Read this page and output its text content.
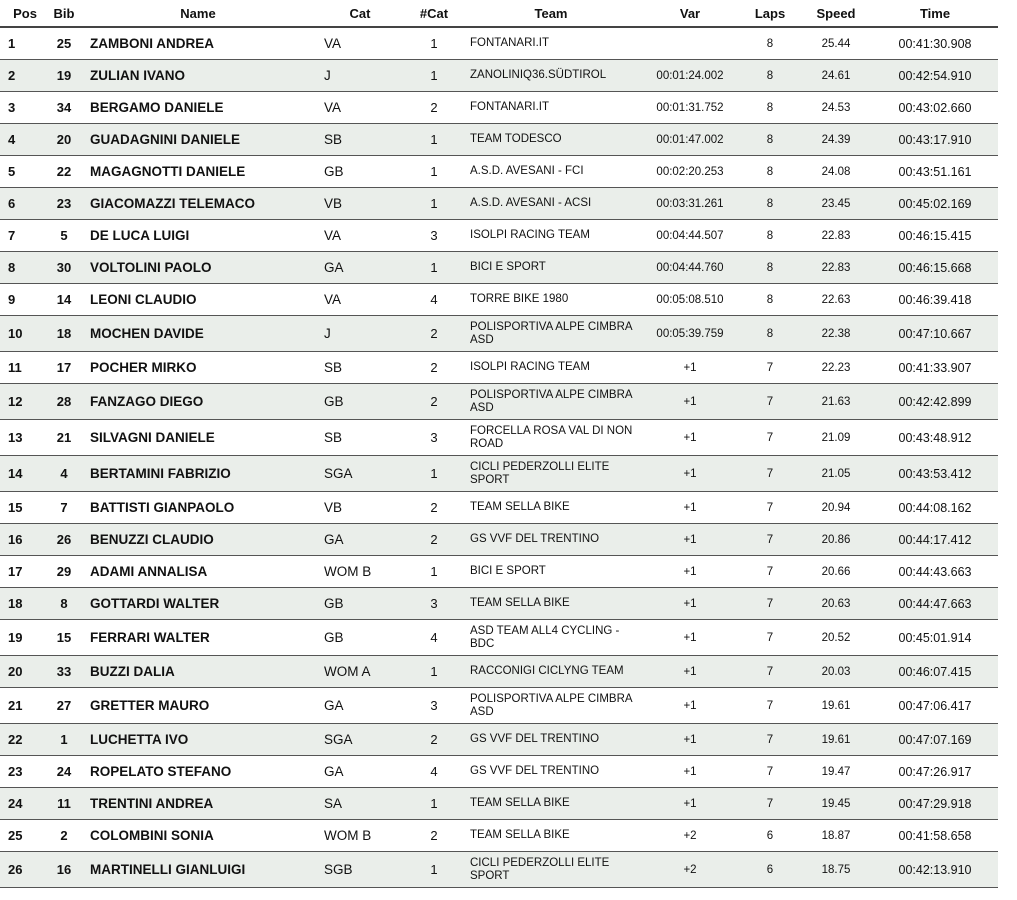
Pos	Bib	Name	Cat	#Cat	Team	Var	Laps	Speed	Time
1	25	ZAMBONI ANDREA	VA	1	FONTANARI.IT		8	25.44	00:41:30.908
2	19	ZULIAN IVANO	J	1	ZANOLINIQ36.SÜDTIROL	00:01:24.002	8	24.61	00:42:54.910
3	34	BERGAMO DANIELE	VA	2	FONTANARI.IT	00:01:31.752	8	24.53	00:43:02.660
4	20	GUADAGNINI DANIELE	SB	1	TEAM TODESCO	00:01:47.002	8	24.39	00:43:17.910
5	22	MAGAGNOTTI DANIELE	GB	1	A.S.D. AVESANI - FCI	00:02:20.253	8	24.08	00:43:51.161
6	23	GIACOMAZZI TELEMACO	VB	1	A.S.D. AVESANI - ACSI	00:03:31.261	8	23.45	00:45:02.169
7	5	DE LUCA LUIGI	VA	3	ISOLPI RACING TEAM	00:04:44.507	8	22.83	00:46:15.415
8	30	VOLTOLINI PAOLO	GA	1	BICI E SPORT	00:04:44.760	8	22.83	00:46:15.668
9	14	LEONI CLAUDIO	VA	4	TORRE BIKE 1980	00:05:08.510	8	22.63	00:46:39.418
10	18	MOCHEN DAVIDE	J	2	POLISPORTIVA ALPE CIMBRA ASD	00:05:39.759	8	22.38	00:47:10.667
11	17	POCHER MIRKO	SB	2	ISOLPI RACING TEAM	+1	7	22.23	00:41:33.907
12	28	FANZAGO DIEGO	GB	2	POLISPORTIVA ALPE CIMBRA ASD	+1	7	21.63	00:42:42.899
13	21	SILVAGNI DANIELE	SB	3	FORCELLA ROSA VAL DI NON ROAD	+1	7	21.09	00:43:48.912
14	4	BERTAMINI FABRIZIO	SGA	1	CICLI PEDERZOLLI ELITE SPORT	+1	7	21.05	00:43:53.412
15	7	BATTISTI GIANPAOLO	VB	2	TEAM SELLA BIKE	+1	7	20.94	00:44:08.162
16	26	BENUZZI CLAUDIO	GA	2	GS VVF DEL TRENTINO	+1	7	20.86	00:44:17.412
17	29	ADAMI ANNALISA	WOM B	1	BICI E SPORT	+1	7	20.66	00:44:43.663
18	8	GOTTARDI WALTER	GB	3	TEAM SELLA BIKE	+1	7	20.63	00:44:47.663
19	15	FERRARI WALTER	GB	4	ASD TEAM ALL4 CYCLING - BDC	+1	7	20.52	00:45:01.914
20	33	BUZZI DALIA	WOM A	1	RACCONIGI CICLYNG TEAM	+1	7	20.03	00:46:07.415
21	27	GRETTER MAURO	GA	3	POLISPORTIVA ALPE CIMBRA ASD	+1	7	19.61	00:47:06.417
22	1	LUCHETTA IVO	SGA	2	GS VVF DEL TRENTINO	+1	7	19.61	00:47:07.169
23	24	ROPELATO STEFANO	GA	4	GS VVF DEL TRENTINO	+1	7	19.47	00:47:26.917
24	11	TRENTINI ANDREA	SA	1	TEAM SELLA BIKE	+1	7	19.45	00:47:29.918
25	2	COLOMBINI SONIA	WOM B	2	TEAM SELLA BIKE	+2	6	18.87	00:41:58.658
26	16	MARTINELLI GIANLUIGI	SGB	1	CICLI PEDERZOLLI ELITE SPORT	+2	6	18.75	00:42:13.910
